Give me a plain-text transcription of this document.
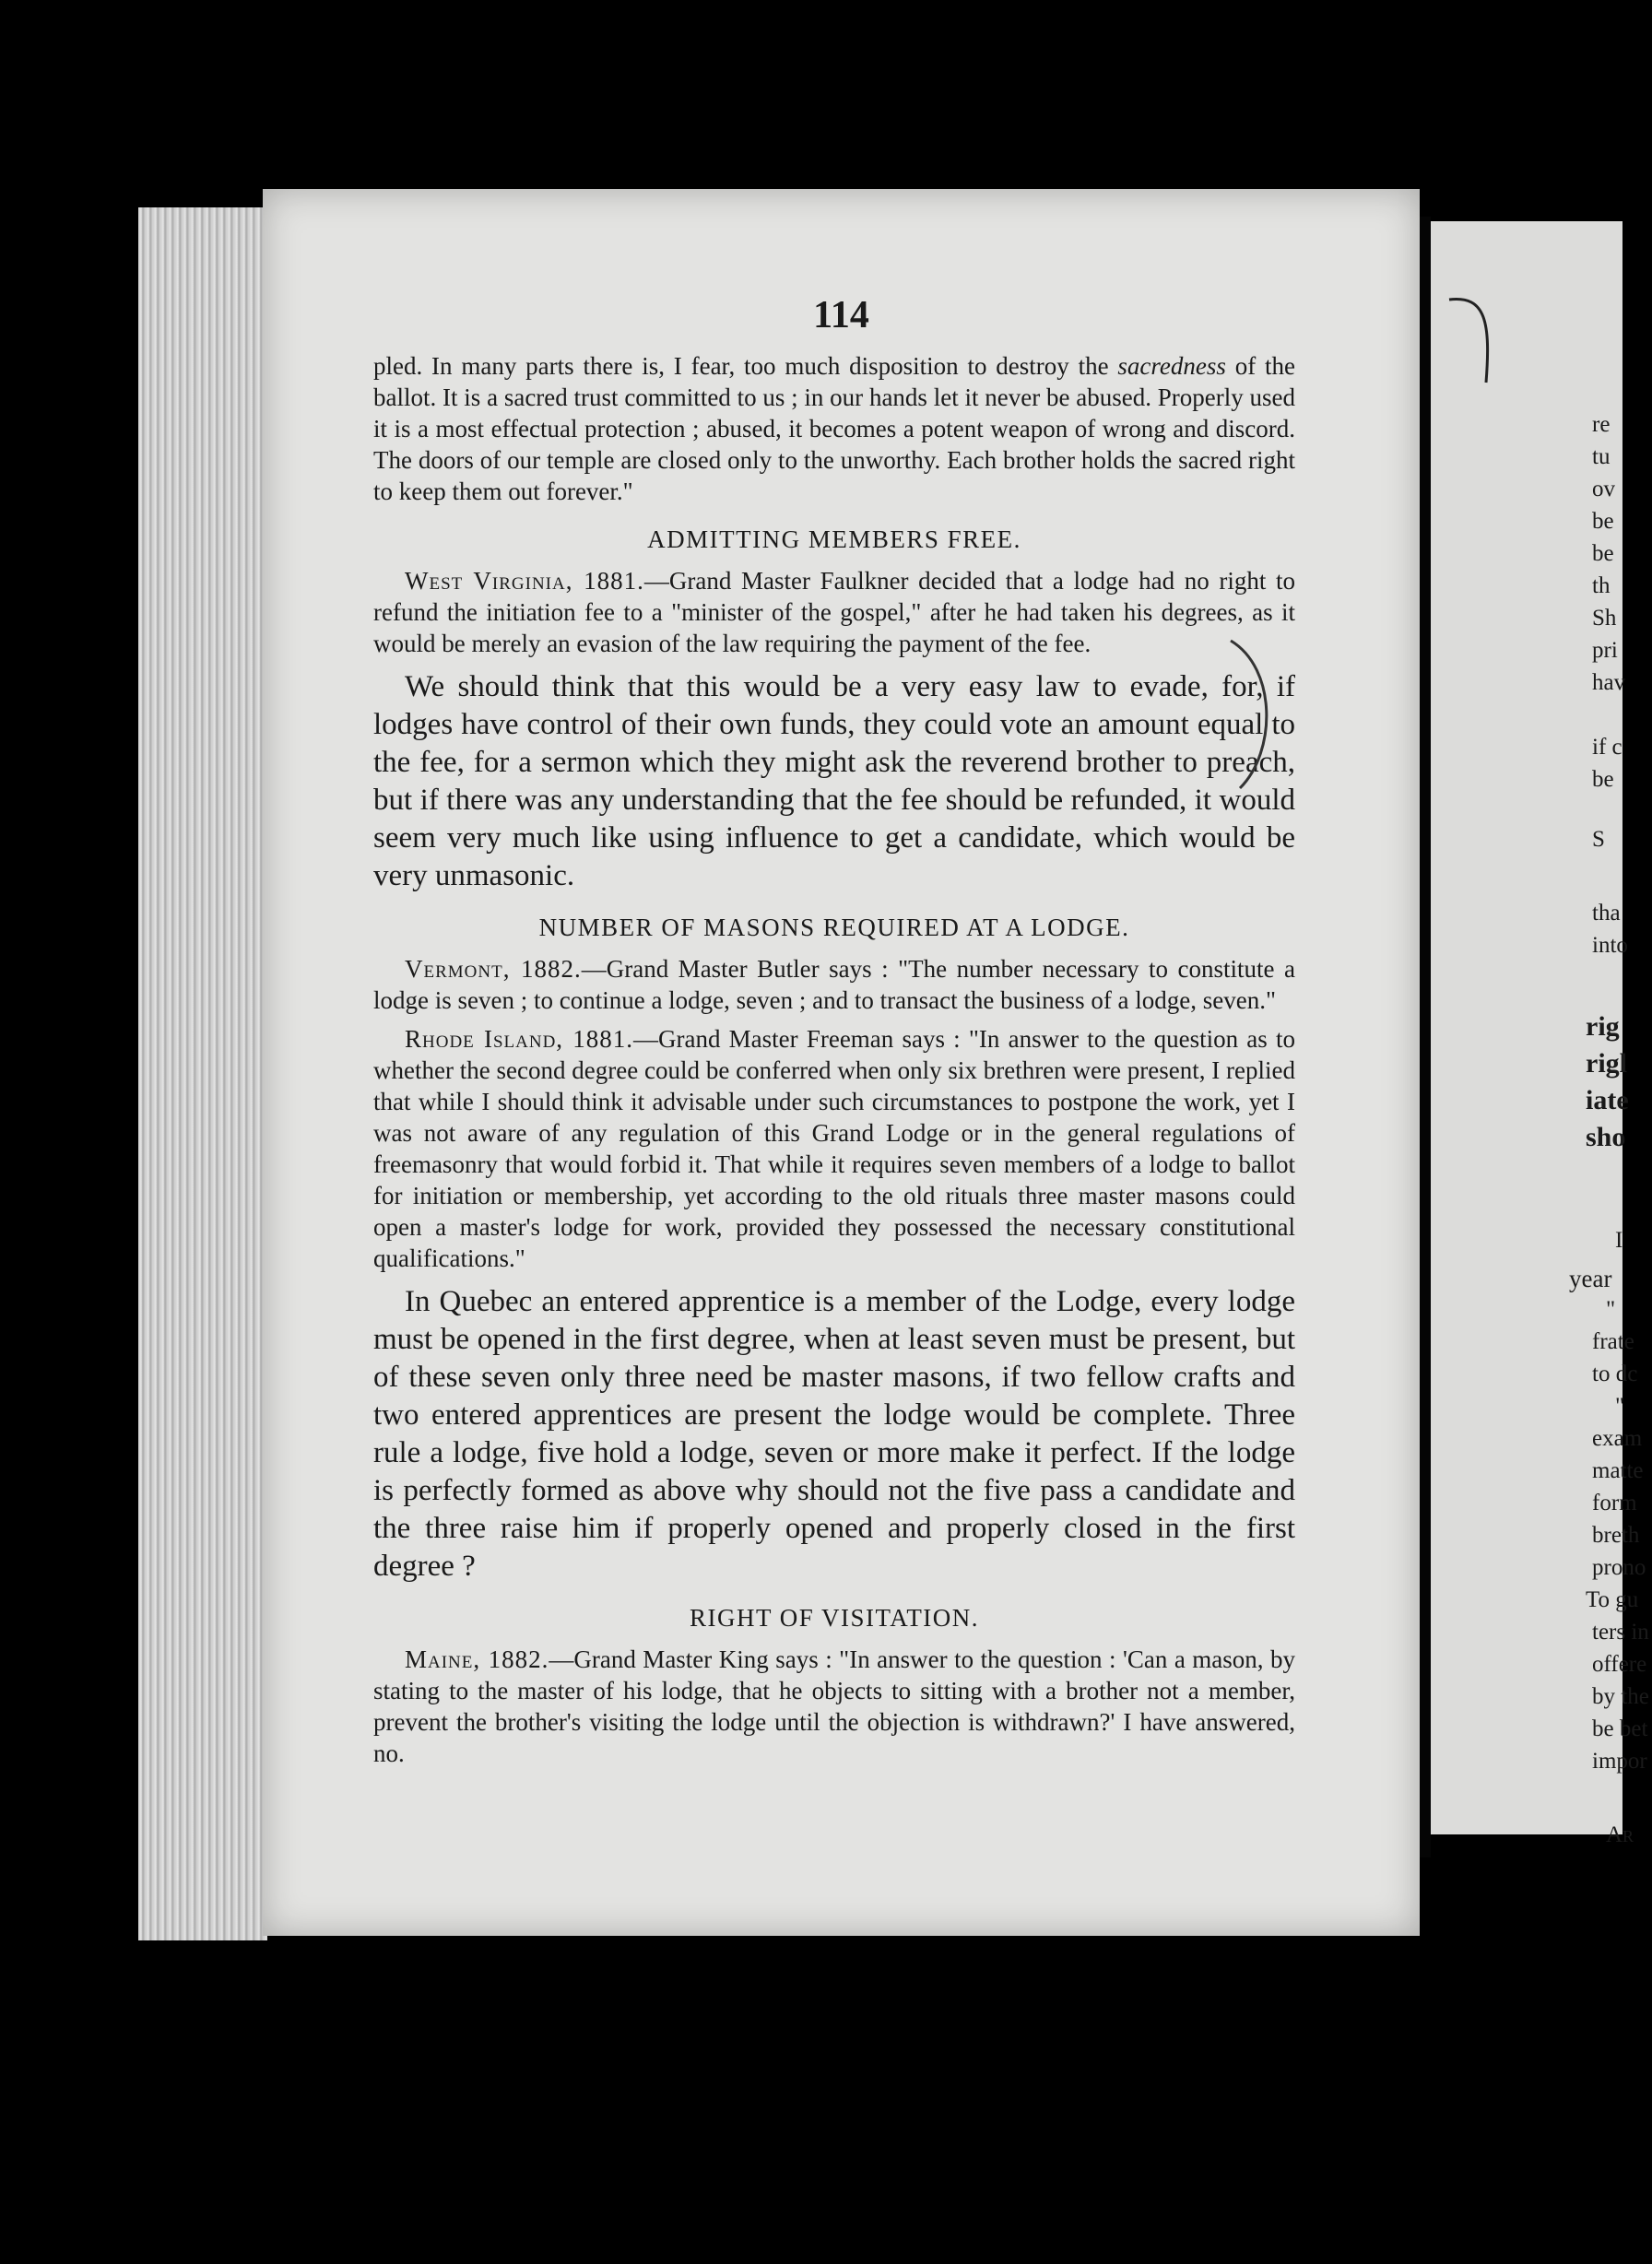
114

pled. In many parts there is, I fear, too much disposition to destroy the sacredness of the ballot. It is a sacred trust committed to us ; in our hands let it never be abused. Properly used it is a most effectual protection ; abused, it becomes a potent weapon of wrong and discord. The doors of our temple are closed only to the unworthy. Each brother holds the sacred right to keep them out forever."

ADMITTING MEMBERS FREE.

West Virginia, 1881.—Grand Master Faulkner decided that a lodge had no right to refund the initiation fee to a "minister of the gospel," after he had taken his degrees, as it would be merely an evasion of the law requiring the payment of the fee.

We should think that this would be a very easy law to evade, for, if lodges have control of their own funds, they could vote an amount equal to the fee, for a sermon which they might ask the reverend brother to preach, but if there was any understanding that the fee should be refunded, it would seem very much like using influence to get a candidate, which would be very unmasonic.

NUMBER OF MASONS REQUIRED AT A LODGE.

Vermont, 1882.—Grand Master Butler says : "The number necessary to constitute a lodge is seven ; to continue a lodge, seven ; and to transact the business of a lodge, seven."

Rhode Island, 1881.—Grand Master Freeman says : "In answer to the question as to whether the second degree could be conferred when only six brethren were present, I replied that while I should think it advisable under such circumstances to postpone the work, yet I was not aware of any regulation of this Grand Lodge or in the general regulations of freemasonry that would forbid it. That while it requires seven members of a lodge to ballot for initiation or membership, yet according to the old rituals three master masons could open a master's lodge for work, provided they possessed the necessary constitutional qualifications."

In Quebec an entered apprentice is a member of the Lodge, every lodge must be opened in the first degree, when at least seven must be present, but of these seven only three need be master masons, if two fellow crafts and two entered apprentices are present the lodge would be complete. Three rule a lodge, five hold a lodge, seven or more make it perfect. If the lodge is perfectly formed as above why should not the five pass a candidate and the three raise him if properly opened and properly closed in the first degree ?

RIGHT OF VISITATION.

Maine, 1882.—Grand Master King says : "In answer to the question : 'Can a mason, by stating to the master of his lodge, that he objects to sitting with a brother not a member, prevent the brother's visiting the lodge until the objection is withdrawn?' I have answered, no.

re
tu
ov
be
be
th
Sh
pri
hav
if c
be
S
tha
into
rig
rigl
iate
sho
I
year
"
frate
to dc
"
exam
matte
form
breth
prono
To gu
ters in
offere
by the
be bet
impor
Ar
